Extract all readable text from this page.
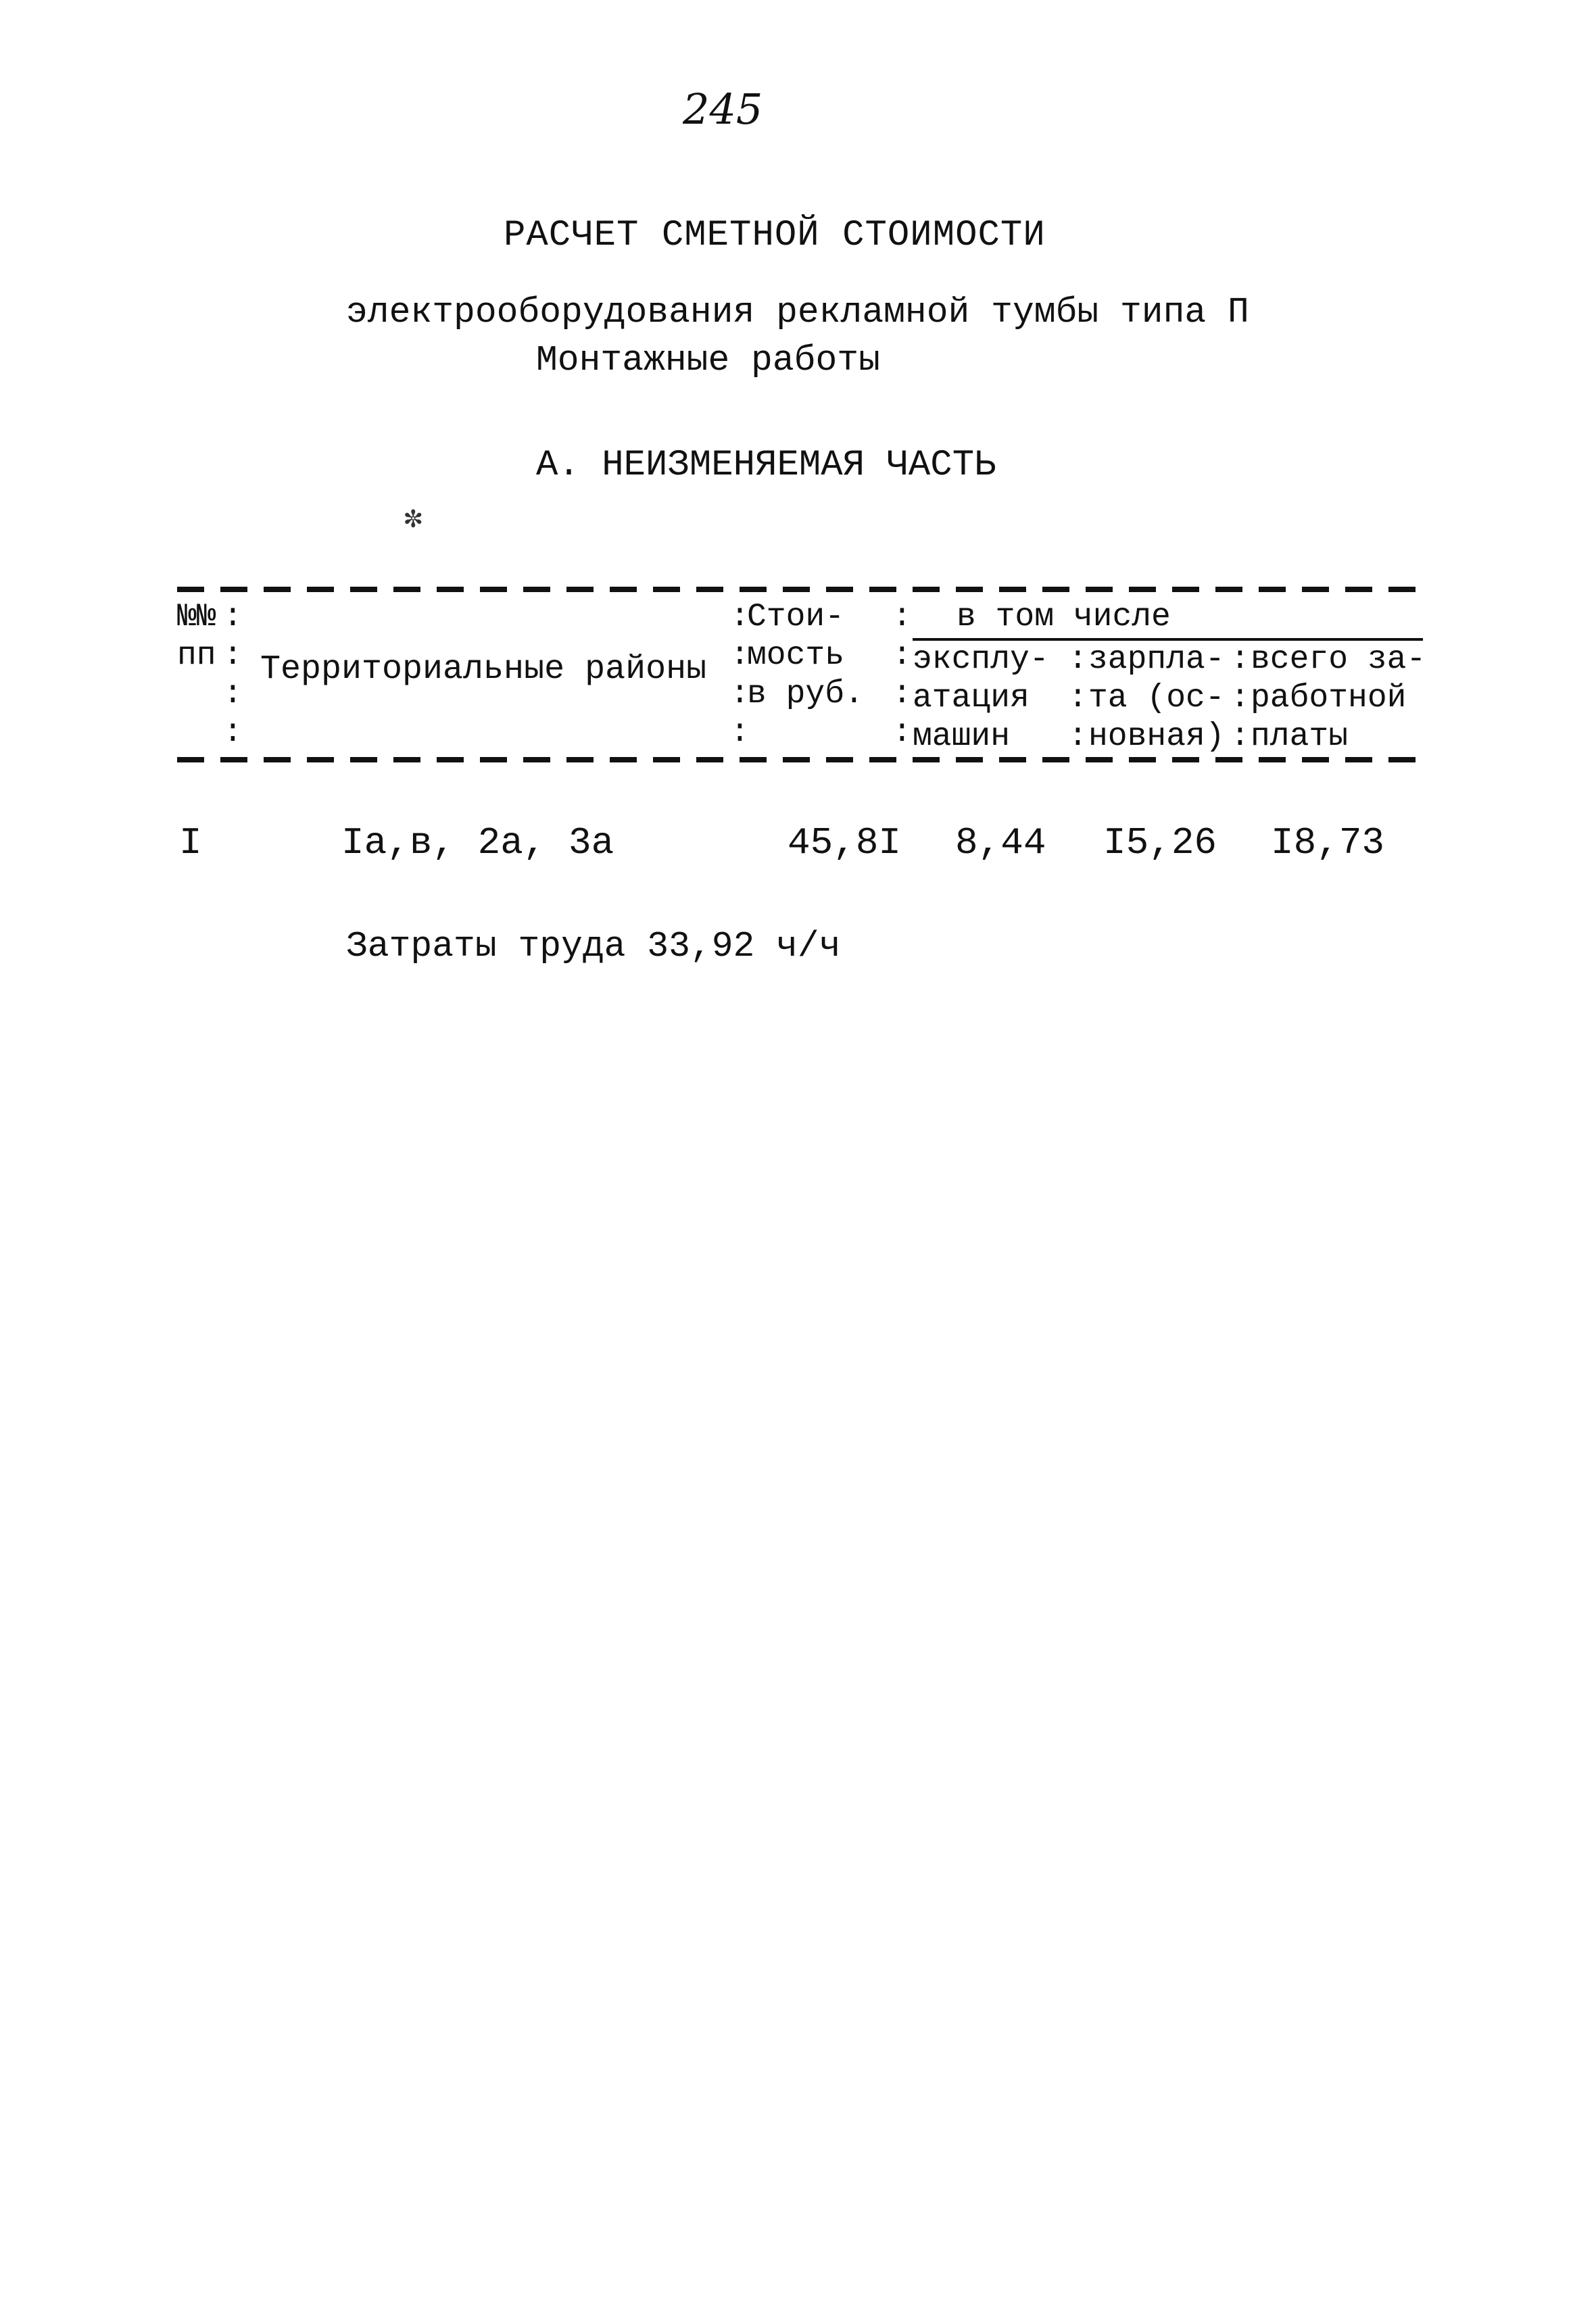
245
РАСЧЕТ СМЕТНОЙ СТОИМОСТИ
электрооборудования рекламной тумбы типа П
Монтажные работы
А. НЕИЗМЕНЯЕМАЯ ЧАСТЬ
✼
№№
пп
:
:
:
:
Территориальные районы
:
:
:
:
Стои-
мость
в руб.
:
:
:
:
в том числе
эксплу-
атация
машин
:
:
:
зарпла-
та (ос-
новная)
:
:
:
всего за-
работной
платы
I	Iа,в, 2а, 3а	45,8I 8,44 I5,26 I8,73
Затраты труда 33,92 ч/ч
